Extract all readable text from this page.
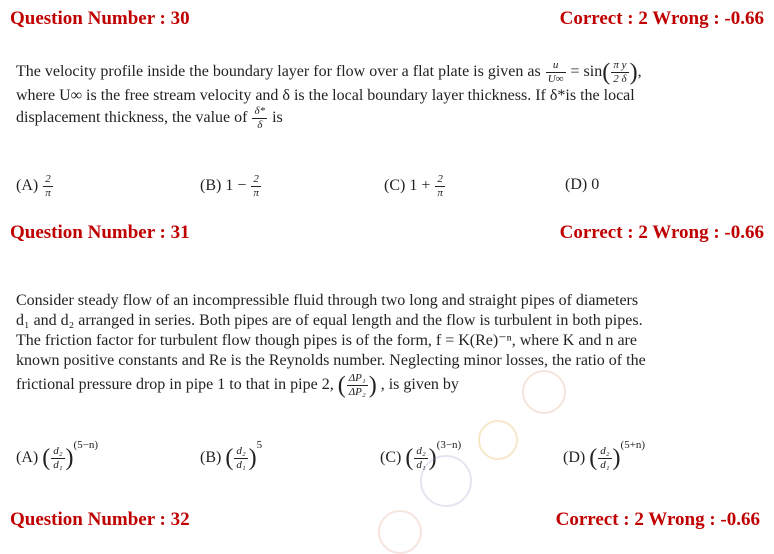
Question Number : 30	Correct : 2 Wrong : -0.66
The velocity profile inside the boundary layer for flow over a flat plate is given as $\frac{u}{U\infty} = \sin( \frac{\text{π y}}{2 \delta}$ ),
where U∞ is the free stream velocity and δ is the local boundary layer thickness. If δ*is the local
displacement thickness, the value of $\frac{\delta*}{\delta}$ is
$(A) \frac{2}{\pi}$	(B) $1 - \frac{2}{\pi}$	(C) $1 + \frac{2}{\pi}$	(D) 0
Question Number : 31	Correct : 2 Wrong : -0.66
Consider steady flow of an incompressible fluid through two long and straight pipes of diameters
d₁ and d₂ arranged in series. Both pipes are of equal length and the flow is turbulent in both pipes.
The friction factor for turbulent flow though pipes is of the form, f = K(Re)⁻ⁿ, where K and n are
known positive constants and Re is the Reynolds number. Neglecting minor losses, the ratio of the
frictional pressure drop in pipe 1 to that in pipe 2, ( $\frac{\text{ΔP₁}}{\text{ΔP₂}}$ ) , is given by
(A) ( $\frac{\text{d₂}}{\text{d₁}} )^{(5-n)}$
(B) ( $\frac{\text{d₂}}{\text{d₁}} )^5$
(C) ( $\frac{\text{d₂}}{\text{d₁}} )^{(3-n)}$
(D) ( $\frac{\text{d₂}}{\text{d₁}} )^{(5+n)}$
Question Number : 32	Correct : 2 Wrong : -0.66
